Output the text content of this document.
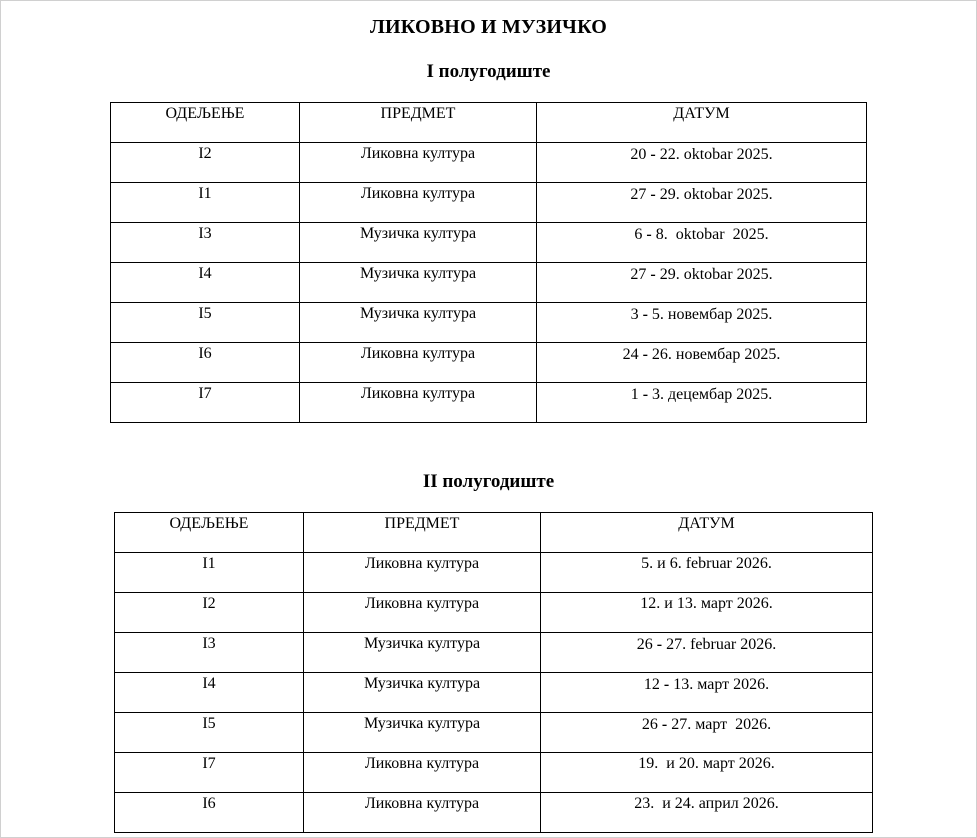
ЛИКОВНО И МУЗИЧКО
I полугодиште
ОДЕЉЕЊЕ	ПРЕДМЕТ	ДАТУМ
I2	Ликовна култура	20 - 22. oktobar 2025.
I1	Ликовна култура	27 - 29. oktobar 2025.
I3	Музичка култура	6 - 8.  oktobar  2025.
I4	Музичка култура	27 - 29. oktobar 2025.
I5	Музичка култура	3 - 5. новембар 2025.
I6	Ликовна култура	24 - 26. новембар 2025.
I7	Ликовна култура	1 - 3. децембар 2025.
II полугодиште
ОДЕЉЕЊЕ	ПРЕДМЕТ	ДАТУМ
I1	Ликовна култура	5. и 6. februar 2026.
I2	Ликовна култура	12. и 13. март 2026.
I3	Музичка култура	26 - 27. februar 2026.
I4	Музичка култура	12 - 13. март 2026.
I5	Музичка култура	26 - 27. март  2026.
I7	Ликовна култура	19.  и 20. март 2026.
I6	Ликовна култура	23.  и 24. април 2026.
